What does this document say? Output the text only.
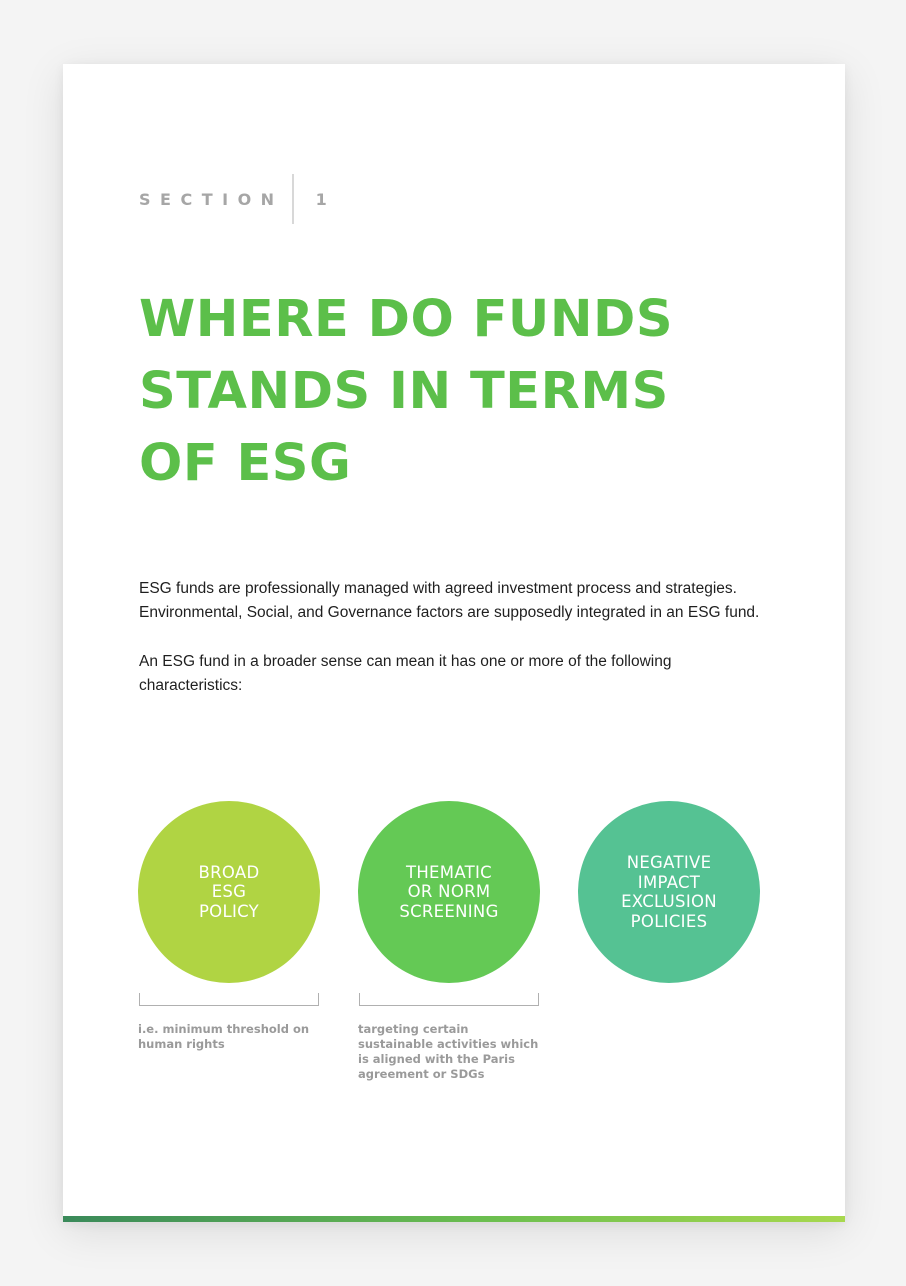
SECTION 1
WHERE DO FUNDS
STANDS IN TERMS
OF ESG

ESG funds are professionally managed with agreed investment process and strategies. Environmental, Social, and Governance factors are supposedly integrated in an ESG fund.

An ESG fund in a broader sense can mean it has one or more of the following characteristics:

BROAD
ESG
POLICY
i.e. minimum threshold on
human rights
THEMATIC
OR NORM
SCREENING
targeting certain
sustainable activities which
is aligned with the Paris
agreement or SDGs
NEGATIVE
IMPACT
EXCLUSION
POLICIES
